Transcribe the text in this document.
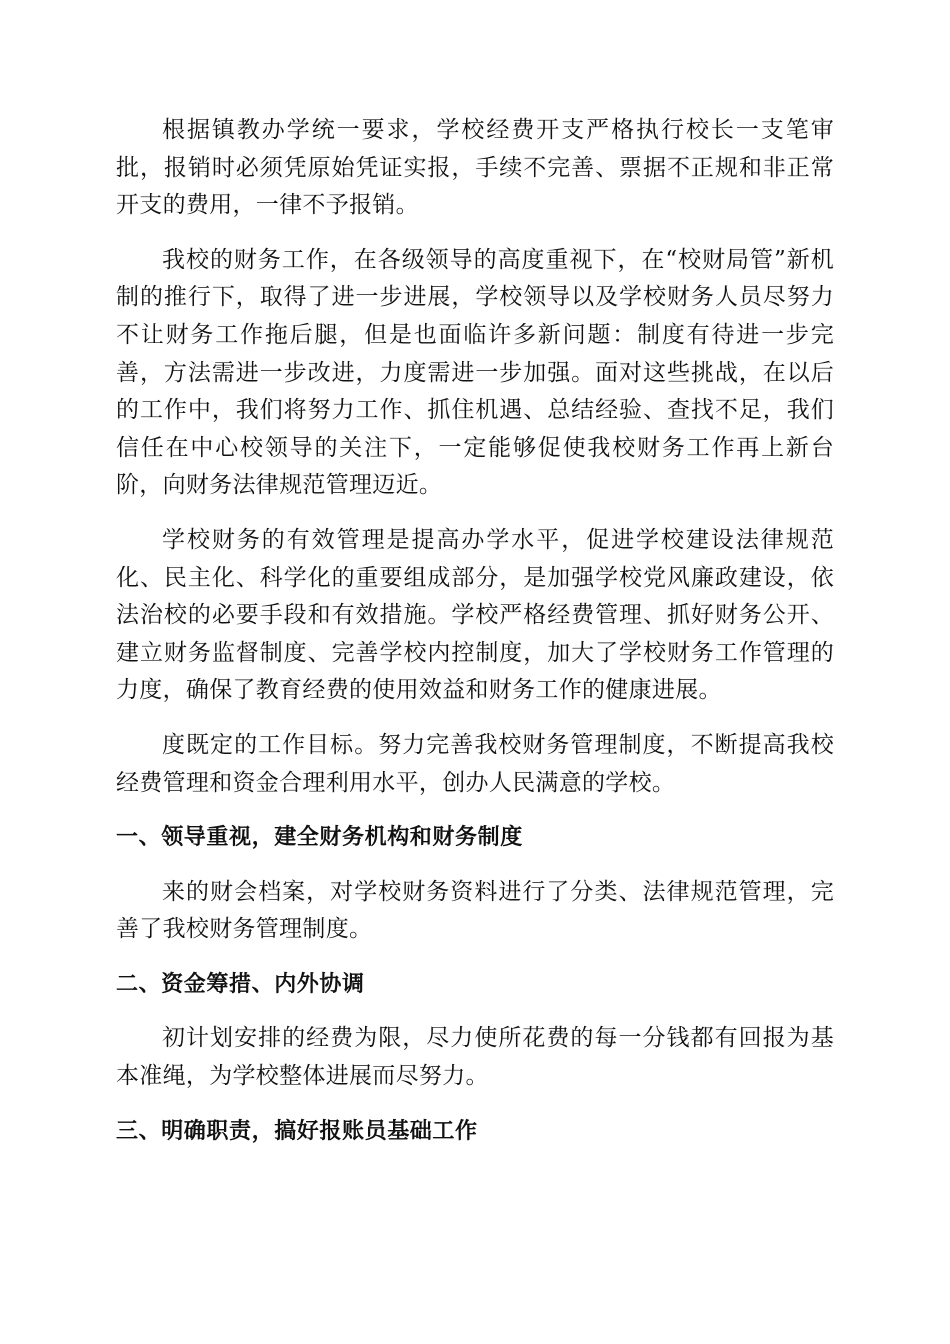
根据镇教办学统一要求，学校经费开支严格执行校长一支笔审批，报销时必须凭原始凭证实报，手续不完善、票据不正规和非正常开支的费用，一律不予报销。

我校的财务工作，在各级领导的高度重视下，在“校财局管”新机制的推行下，取得了进一步进展，学校领导以及学校财务人员尽努力不让财务工作拖后腿，但是也面临许多新问题：制度有待进一步完善，方法需进一步改进，力度需进一步加强。面对这些挑战，在以后的工作中，我们将努力工作、抓住机遇、总结经验、查找不足，我们信任在中心校领导的关注下，一定能够促使我校财务工作再上新台阶，向财务法律规范管理迈近。

学校财务的有效管理是提高办学水平，促进学校建设法律规范化、民主化、科学化的重要组成部分，是加强学校党风廉政建设，依法治校的必要手段和有效措施。学校严格经费管理、抓好财务公开、建立财务监督制度、完善学校内控制度，加大了学校财务工作管理的力度，确保了教育经费的使用效益和财务工作的健康进展。

度既定的工作目标。努力完善我校财务管理制度，不断提高我校经费管理和资金合理利用水平，创办人民满意的学校。

一、领导重视，建全财务机构和财务制度

来的财会档案，对学校财务资料进行了分类、法律规范管理，完善了我校财务管理制度。

二、资金筹措、内外协调

初计划安排的经费为限，尽力使所花费的每一分钱都有回报为基本准绳，为学校整体进展而尽努力。

三、明确职责，搞好报账员基础工作
